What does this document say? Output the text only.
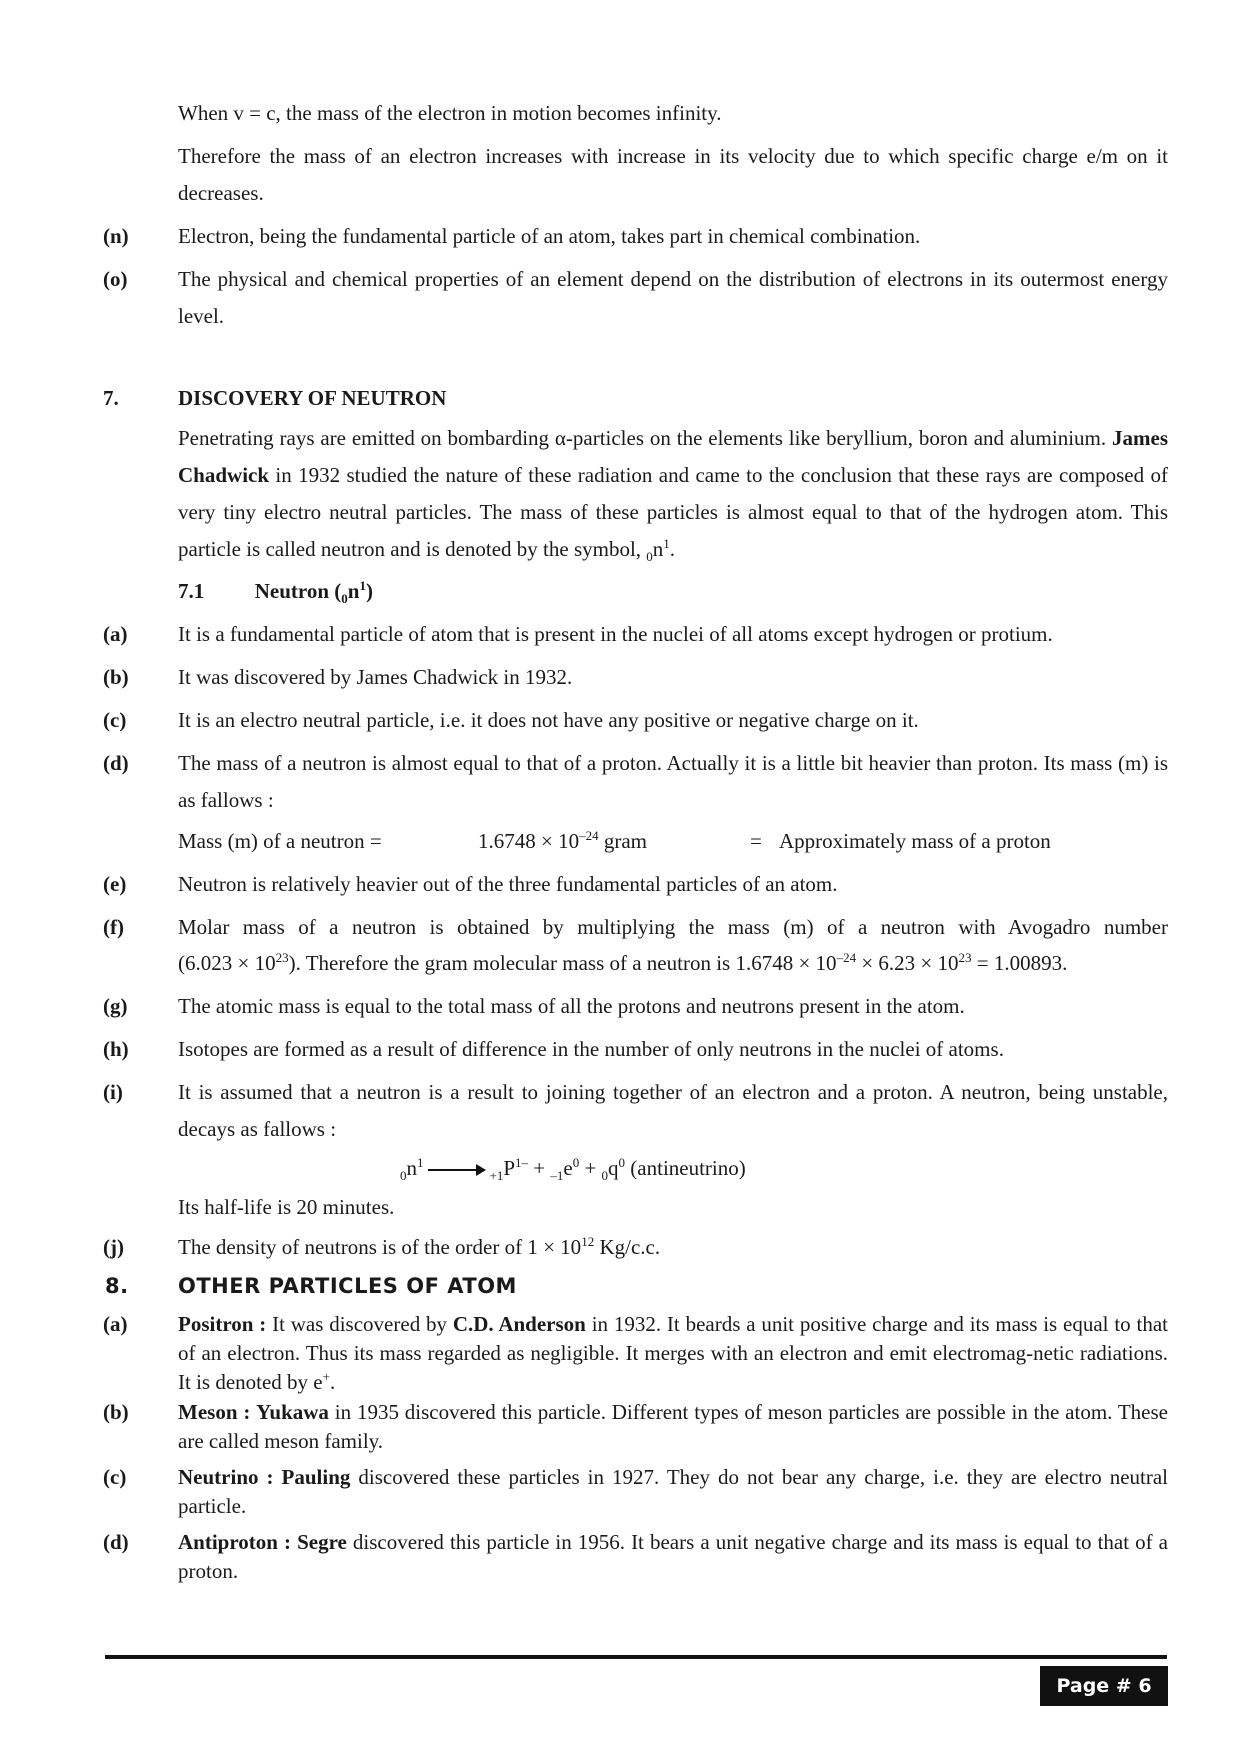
When v = c, the mass of the electron in motion becomes infinity.
Therefore the mass of an electron increases with increase in its velocity due to which specific charge e/m on it decreases.
(n) Electron, being the fundamental particle of an atom, takes part in chemical combination.
(o) The physical and chemical properties of an element depend on the distribution of electrons in its outermost energy level.
7.	DISCOVERY OF NEUTRON
Penetrating rays are emitted on bombarding α-particles on the elements like beryllium, boron and aluminium. James Chadwick in 1932 studied the nature of these radiation and came to the conclusion that these rays are composed of very tiny electro neutral particles. The mass of these particles is almost equal to that of the hydrogen atom. This particle is called neutron and is denoted by the symbol, $_0n^1$.
7.1 Neutron $(_0n^1)$
(a) It is a fundamental particle of atom that is present in the nuclei of all atoms except hydrogen or protium.
(b) It was discovered by James Chadwick in 1932.
(c) It is an electro neutral particle, i.e. it does not have any positive or negative charge on it.
(d) The mass of a neutron is almost equal to that of a proton. Actually it is a little bit heavier than proton. Its mass (m) is as fallows :
Mass (m) of a neutron =	$1.6748 \times 10^{-24}$ gram	= Approximately mass of a proton
(e) Neutron is relatively heavier out of the three fundamental particles of an atom.
(f)	Molar mass of a neutron is obtained by multiplying the mass (m) of a neutron with Avogadro number
$(6.023 \times 10^{23})$. Therefore the gram molecular mass of a neutron is $1.6748 \times 10^{-24} \times 6.23 \times 10^{23} = 1.00893$.
(g) The atomic mass is equal to the total mass of all the protons and neutrons present in the atom.
(h) Isotopes are formed as a result of difference in the number of only neutrons in the nuclei of atoms.
(i)	It is assumed that a neutron is a result to joining together of an electron and a proton. A neutron, being unstable, decays as fallows :
$_0n^1\to _{+1}P^{1-} + _{-1}e^0 + _0q^0$ (antineutrino)
Its half-life is 20 minutes.
(j)	The density of neutrons is of the order of $1 \times 10^{12}$ Kg/c.c.
8. OTHER PARTICLES OF ATOM
(a) Positron : It was discovered by C.D. Anderson in 1932. It beards a unit positive charge and its mass is equal to that of an electron. Thus its mass regarded as negligible. It merges with an electron and emit electromag-netic radiations. It is denoted by e+.
(b) Meson : Yukawa in 1935 discovered this particle. Different types of meson particles are possible in the atom. These are called meson family.
(c) Neutrino : Pauling discovered these particles in 1927. They do not bear any charge, i.e. they are electro neutral particle.
(d) Antiproton : Segre discovered this particle in 1956. It bears a unit negative charge and its mass is equal to that of a proton.
Page # 6
